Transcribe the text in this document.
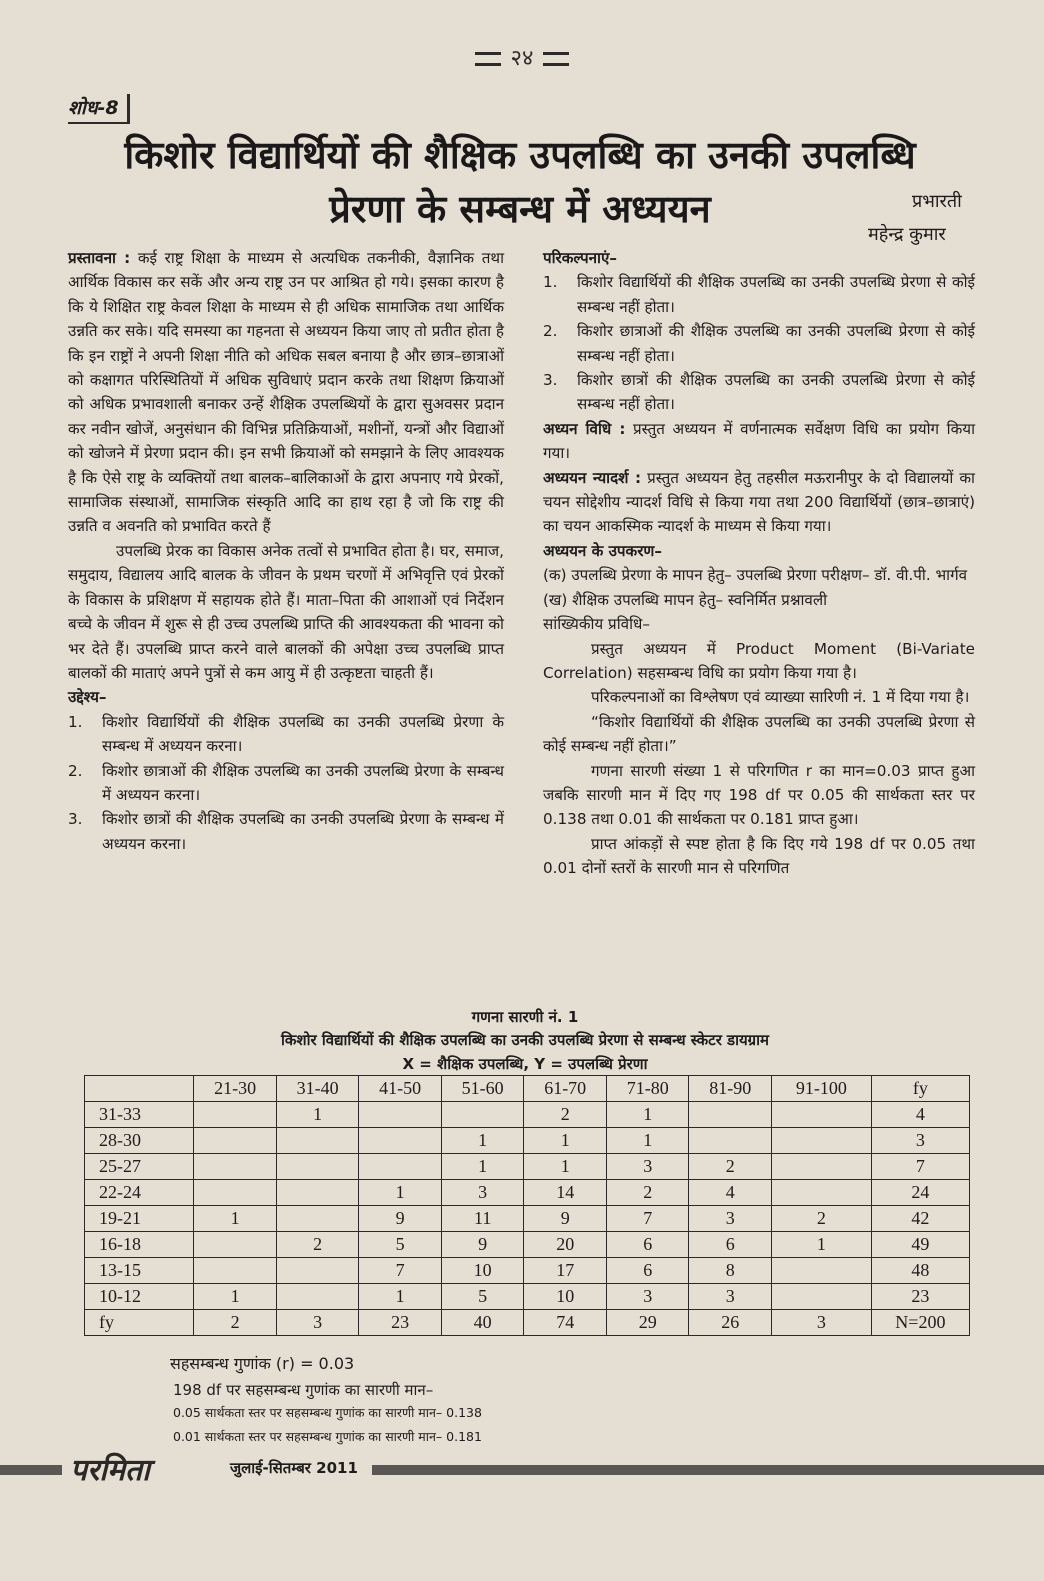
२४
शोध-8
किशोर विद्यार्थियों की शैक्षिक उपलब्धि का उनकी उपलब्धि
प्रेरणा के सम्बन्ध में अध्ययन	प्रभारती
महेन्द्र कुमार

प्रस्तावना : कई राष्ट्र शिक्षा के माध्यम से अत्यधिक तकनीकी, वैज्ञानिक तथा आर्थिक विकास कर सकें और अन्य राष्ट्र उन पर आश्रित हो गये। इसका कारण है कि ये शिक्षित राष्ट्र केवल शिक्षा के माध्यम से ही अधिक सामाजिक तथा आर्थिक उन्नति कर सके। यदि समस्या का गहनता से अध्ययन किया जाए तो प्रतीत होता है कि इन राष्ट्रों ने अपनी शिक्षा नीति को अधिक सबल बनाया है और छात्र–छात्राओं को कक्षागत परिस्थितियों में अधिक सुविधाएं प्रदान करके तथा शिक्षण क्रियाओं को अधिक प्रभावशाली बनाकर उन्हें शैक्षिक उपलब्धियों के द्वारा सुअवसर प्रदान कर नवीन खोजें, अनुसंधान की विभिन्न प्रतिक्रियाओं, मशीनों, यन्त्रों और विद्याओं को खोजने में प्रेरणा प्रदान की। इन सभी क्रियाओं को समझाने के लिए आवश्यक है कि ऐसे राष्ट्र के व्यक्तियों तथा बालक–बालिकाओं के द्वारा अपनाए गये प्रेरकों, सामाजिक संस्थाओं, सामाजिक संस्कृति आदि का हाथ रहा है जो कि राष्ट्र की उन्नति व अवनति को प्रभावित करते हैं

उपलब्धि प्रेरक का विकास अनेक तत्वों से प्रभावित होता है। घर, समाज, समुदाय, विद्यालय आदि बालक के जीवन के प्रथम चरणों में अभिवृत्ति एवं प्रेरकों के विकास के प्रशिक्षण में सहायक होते हैं। माता–पिता की आशाओं एवं निर्देशन बच्चे के जीवन में शुरू से ही उच्च उपलब्धि प्राप्ति की आवश्यकता की भावना को भर देते हैं। उपलब्धि प्राप्त करने वाले बालकों की अपेक्षा उच्च उपलब्धि प्राप्त बालकों की माताएं अपने पुत्रों से कम आयु में ही उत्कृष्टता चाहती हैं।

उद्देश्य–

1. किशोर विद्यार्थियों की शैक्षिक उपलब्धि का उनकी उपलब्धि प्रेरणा के सम्बन्ध में अध्ययन करना।
2. किशोर छात्राओं की शैक्षिक उपलब्धि का उनकी उपलब्धि प्रेरणा के सम्बन्ध में अध्ययन करना।
3. किशोर छात्रों की शैक्षिक उपलब्धि का उनकी उपलब्धि प्रेरणा के सम्बन्ध में अध्ययन करना।

परिकल्पनाएं–

1. किशोर विद्यार्थियों की शैक्षिक उपलब्धि का उनकी उपलब्धि प्रेरणा से कोई सम्बन्ध नहीं होता।
2. किशोर छात्राओं की शैक्षिक उपलब्धि का उनकी उपलब्धि प्रेरणा से कोई सम्बन्ध नहीं होता।
3. किशोर छात्रों की शैक्षिक उपलब्धि का उनकी उपलब्धि प्रेरणा से कोई सम्बन्ध नहीं होता।

अध्यन विधि : प्रस्तुत अध्ययन में वर्णनात्मक सर्वेक्षण विधि का प्रयोग किया गया।

अध्ययन न्यादर्श : प्रस्तुत अध्ययन हेतु तहसील मऊरानीपुर के दो विद्यालयों का चयन सोद्देशीय न्यादर्श विधि से किया गया तथा 200 विद्यार्थियों (छात्र–छात्राएं) का चयन आकस्मिक न्यादर्श के माध्यम से किया गया।

अध्ययन के उपकरण–

(क) उपलब्धि प्रेरणा के मापन हेतु– उपलब्धि प्रेरणा परीक्षण– डॉ. वी.पी. भार्गव

(ख) शैक्षिक उपलब्धि मापन हेतु– स्वनिर्मित प्रश्नावली

सांख्यिकीय प्रविधि–

प्रस्तुत अध्ययन में Product Moment (Bi-Variate Correlation) सहसम्बन्ध विधि का प्रयोग किया गया है।

परिकल्पनाओं का विश्लेषण एवं व्याख्या सारिणी नं. 1 में दिया गया है।

“किशोर विद्यार्थियों की शैक्षिक उपलब्धि का उनकी उपलब्धि प्रेरणा से कोई सम्बन्ध नहीं होता।”

गणना सारणी संख्या 1 से परिगणित r का मान=0.03 प्राप्त हुआ जबकि सारणी मान में दिए गए 198 df पर 0.05 की सार्थकता स्तर पर 0.138 तथा 0.01 की सार्थकता पर 0.181 प्राप्त हुआ।

प्राप्त आंकड़ों से स्पष्ट होता है कि दिए गये 198 df पर 0.05 तथा 0.01 दोनों स्तरों के सारणी मान से परिगणित

गणना सारणी नं. 1
किशोर विद्यार्थियों की शैक्षिक उपलब्धि का उनकी उपलब्धि प्रेरणा से सम्बन्ध स्केटर डायग्राम
X = शैक्षिक उपलब्धि, Y = उपलब्धि प्रेरणा
	21-30	31-40	41-50	51-60	61-70	71-80	81-90	91-100	fy
31-33		1			2	1			4
28-30				1	1	1			3
25-27				1	1	3	2		7
22-24			1	3	14	2	4		24
19-21	1		9	11	9	7	3	2	42
16-18		2	5	9	20	6	6	1	49
13-15			7	10	17	6	8		48
10-12	1		1	5	10	3	3		23
fy	2	3	23	40	74	29	26	3	N=200
सहसम्बन्ध गुणांक (r) = 0.03
198 df पर सहसम्बन्ध गुणांक का सारणी मान–
0.05 सार्थकता स्तर पर सहसम्बन्ध गुणांक का सारणी मान– 0.138
0.01 सार्थकता स्तर पर सहसम्बन्ध गुणांक का सारणी मान– 0.181
परमिता	जुलाई-सितम्बर 2011
